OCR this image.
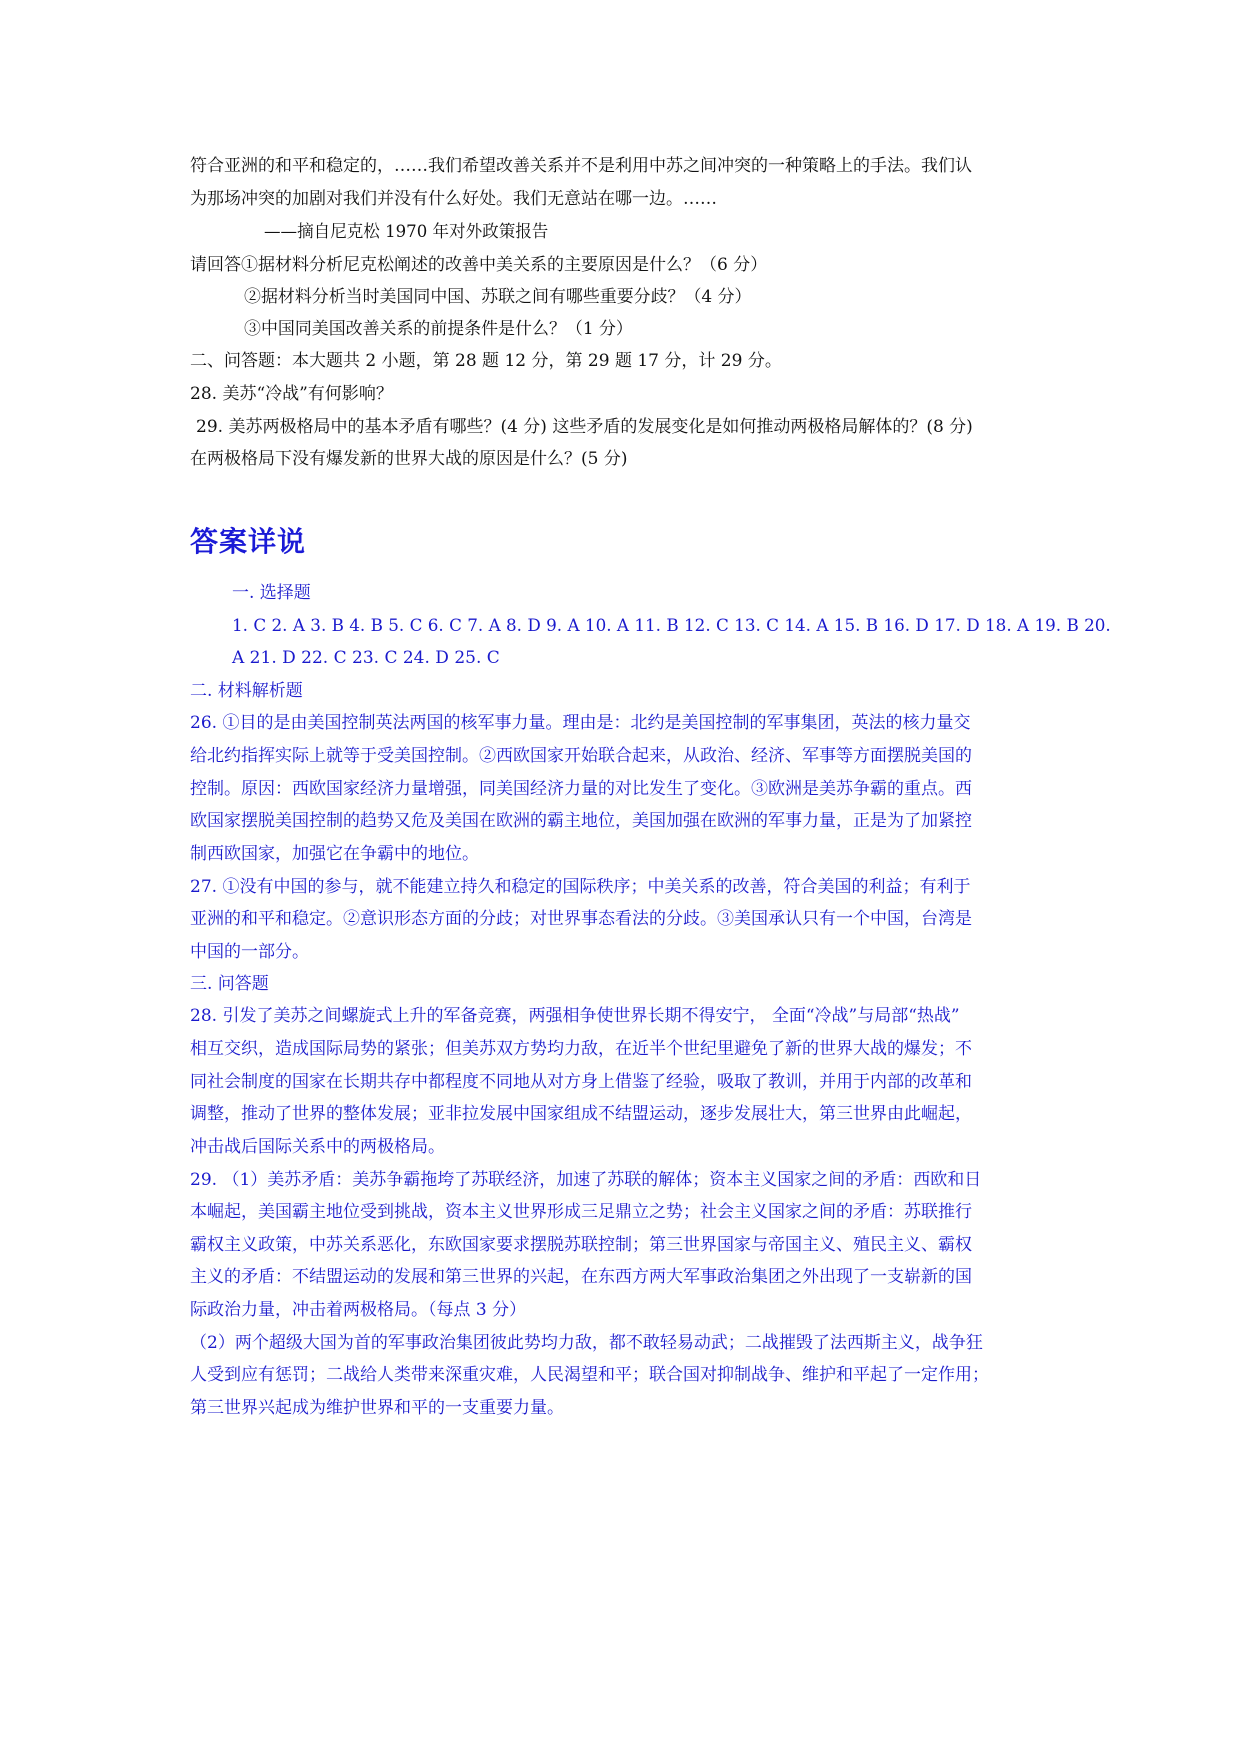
符合亚洲的和平和稳定的，……我们希望改善关系并不是利用中苏之间冲突的一种策略上的手法。我们认
为那场冲突的加剧对我们并没有什么好处。我们无意站在哪一边。……
——摘自尼克松 1970 年对外政策报告
请回答①据材料分析尼克松阐述的改善中美关系的主要原因是什么？（6 分）
②据材料分析当时美国同中国、苏联之间有哪些重要分歧？（4 分）
③中国同美国改善关系的前提条件是什么？（1 分）
二、问答题：本大题共 2 小题，第 28 题 12 分，第 29 题 17 分，计 29 分。
28. 美苏“冷战”有何影响？
29. 美苏两极格局中的基本矛盾有哪些？(4 分) 这些矛盾的发展变化是如何推动两极格局解体的？(8 分)
在两极格局下没有爆发新的世界大战的原因是什么？(5 分)
答案详说
一. 选择题
1. C 2. A 3. B 4. B 5. C 6. C 7. A 8. D 9. A 10. A 11. B 12. C 13. C 14. A 15. B 16. D 17. D 18. A 19. B 20.
A 21. D 22. C 23. C 24. D 25. C
二. 材料解析题
26. ①目的是由美国控制英法两国的核军事力量。理由是：北约是美国控制的军事集团，英法的核力量交
给北约指挥实际上就等于受美国控制。②西欧国家开始联合起来，从政治、经济、军事等方面摆脱美国的
控制。原因：西欧国家经济力量增强，同美国经济力量的对比发生了变化。③欧洲是美苏争霸的重点。西
欧国家摆脱美国控制的趋势又危及美国在欧洲的霸主地位，美国加强在欧洲的军事力量，正是为了加紧控
制西欧国家，加强它在争霸中的地位。
27. ①没有中国的参与，就不能建立持久和稳定的国际秩序；中美关系的改善，符合美国的利益；有利于
亚洲的和平和稳定。②意识形态方面的分歧；对世界事态看法的分歧。③美国承认只有一个中国，台湾是
中国的一部分。
三. 问答题
28. 引发了美苏之间螺旋式上升的军备竞赛，两强相争使世界长期不得安宁， 全面“冷战”与局部“热战”
相互交织，造成国际局势的紧张；但美苏双方势均力敌，在近半个世纪里避免了新的世界大战的爆发；不
同社会制度的国家在长期共存中都程度不同地从对方身上借鉴了经验，吸取了教训，并用于内部的改革和
调整，推动了世界的整体发展；亚非拉发展中国家组成不结盟运动，逐步发展壮大，第三世界由此崛起，
冲击战后国际关系中的两极格局。
29. （1）美苏矛盾：美苏争霸拖垮了苏联经济，加速了苏联的解体；资本主义国家之间的矛盾：西欧和日
本崛起，美国霸主地位受到挑战，资本主义世界形成三足鼎立之势；社会主义国家之间的矛盾：苏联推行
霸权主义政策，中苏关系恶化，东欧国家要求摆脱苏联控制；第三世界国家与帝国主义、殖民主义、霸权
主义的矛盾：不结盟运动的发展和第三世界的兴起，在东西方两大军事政治集团之外出现了一支崭新的国
际政治力量，冲击着两极格局。（每点 3 分）
（2）两个超级大国为首的军事政治集团彼此势均力敌，都不敢轻易动武；二战摧毁了法西斯主义，战争狂
人受到应有惩罚；二战给人类带来深重灾难，人民渴望和平；联合国对抑制战争、维护和平起了一定作用；
第三世界兴起成为维护世界和平的一支重要力量。
